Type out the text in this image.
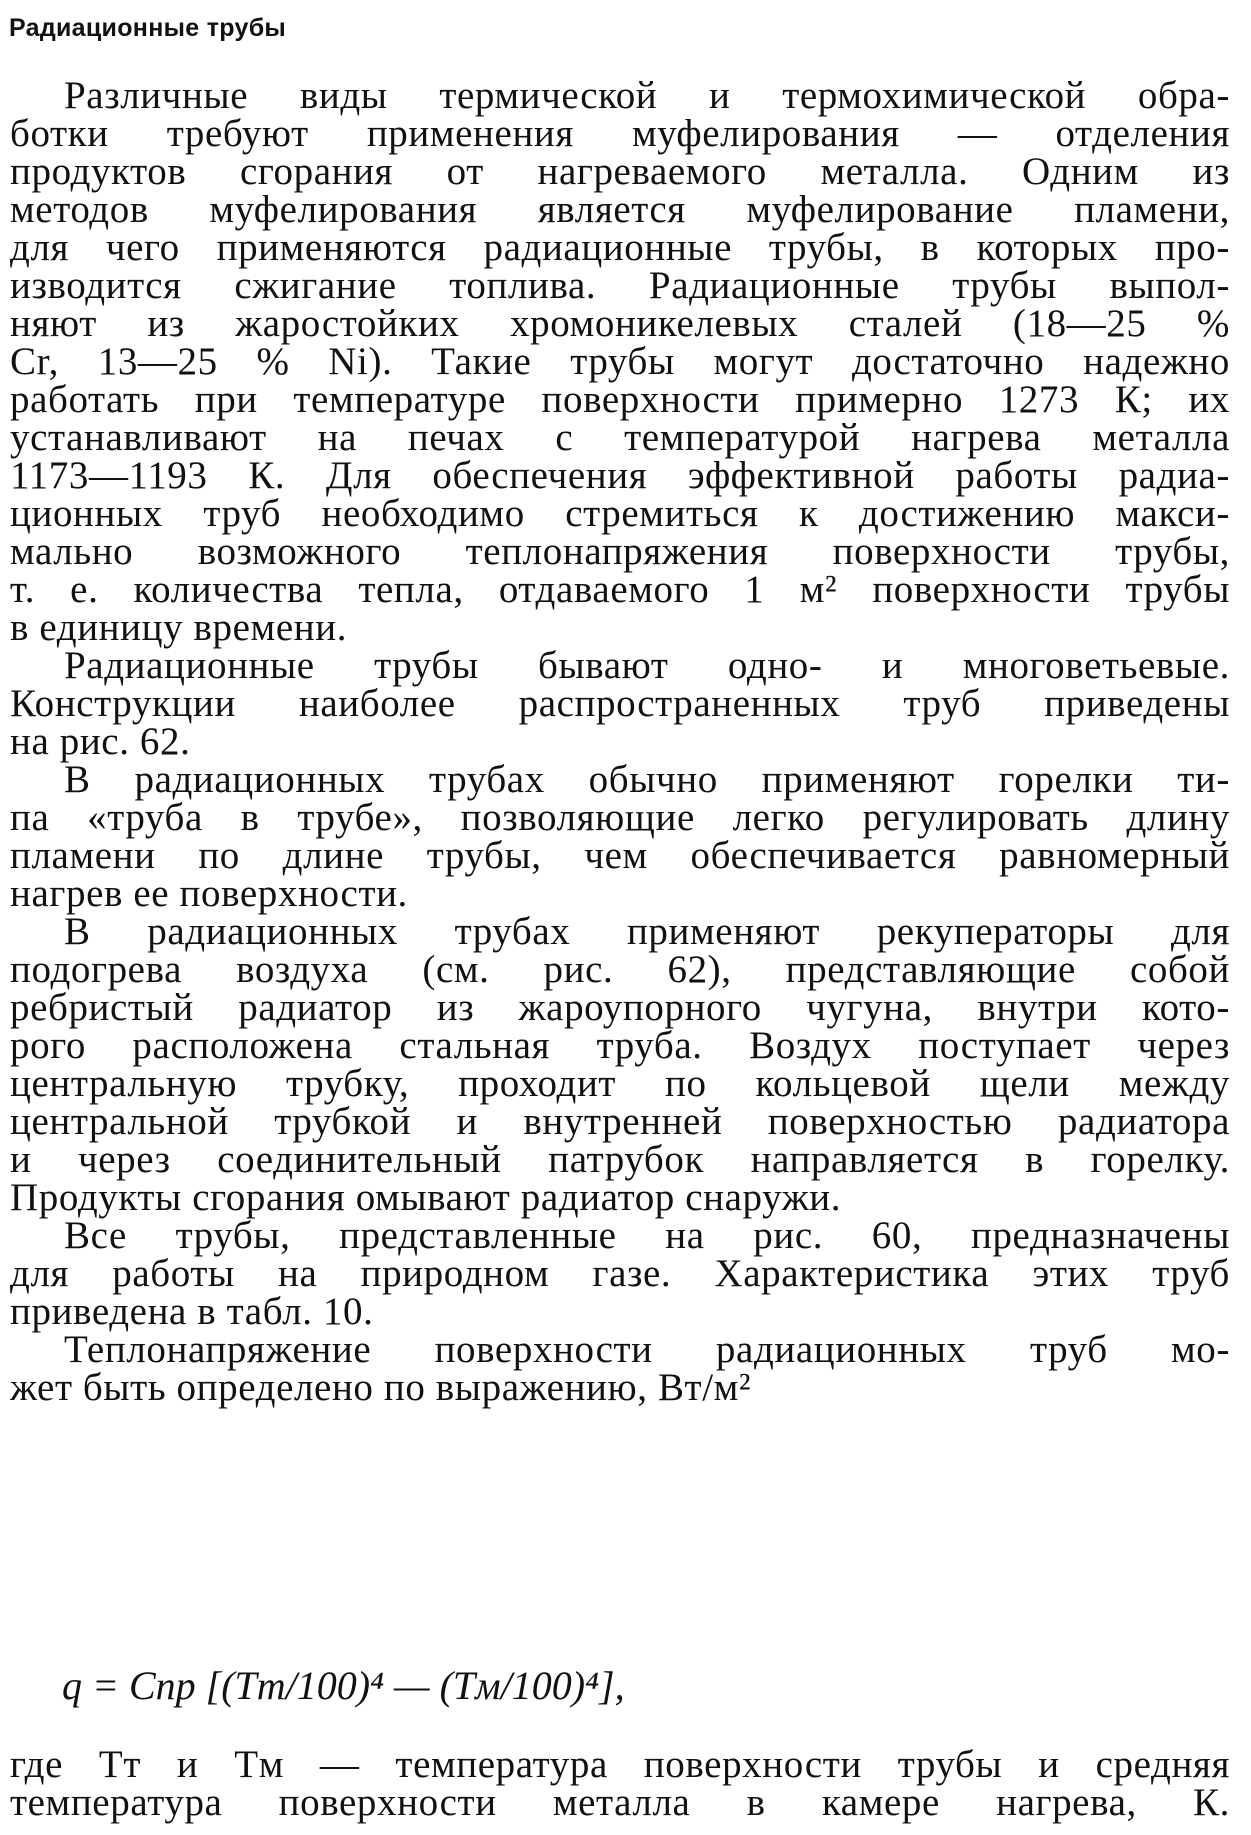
Радиационные трубы
Различные виды термической и термохимической обра-
ботки требуют применения муфелирования — отделения
продуктов сгорания от нагреваемого металла. Одним из
методов муфелирования является муфелирование пламени,
для чего применяются радиационные трубы, в которых про-
изводится сжигание топлива. Радиационные трубы выпол-
няют из жаростойких хромоникелевых сталей (18—25 %
Cr, 13—25 % Ni). Такие трубы могут достаточно надежно
работать при температуре поверхности примерно 1273 К; их
устанавливают на печах с температурой нагрева металла
1173—1193 К. Для обеспечения эффективной работы радиа-
ционных труб необходимо стремиться к достижению макси-
мально возможного теплонапряжения поверхности трубы,
т. е. количества тепла, отдаваемого 1 м² поверхности трубы
в единицу времени.
Радиационные трубы бывают одно- и многоветьевые.
Конструкции наиболее распространенных труб приведены
на рис. 62.
В радиационных трубах обычно применяют горелки ти-
па «труба в трубе», позволяющие легко регулировать длину
пламени по длине трубы, чем обеспечивается равномерный
нагрев ее поверхности.
В радиационных трубах применяют рекуператоры для
подогрева воздуха (см. рис. 62), представляющие собой
ребристый радиатор из жароупорного чугуна, внутри кото-
рого расположена стальная труба. Воздух поступает через
центральную трубку, проходит по кольцевой щели между
центральной трубкой и внутренней поверхностью радиатора
и через соединительный патрубок направляется в горелку.
Продукты сгорания омывают радиатор снаружи.
Все трубы, представленные на рис. 60, предназначены
для работы на природном газе. Характеристика этих труб
приведена в табл. 10.
Теплонапряжение поверхности радиационных труб мо-
жет быть определено по выражению, Вт/м²
q = Cпр [(Tт/100)⁴ — (Tм/100)⁴],
где Tт и Tм — температура поверхности трубы и средняя
температура поверхности металла в камере нагрева, К.
